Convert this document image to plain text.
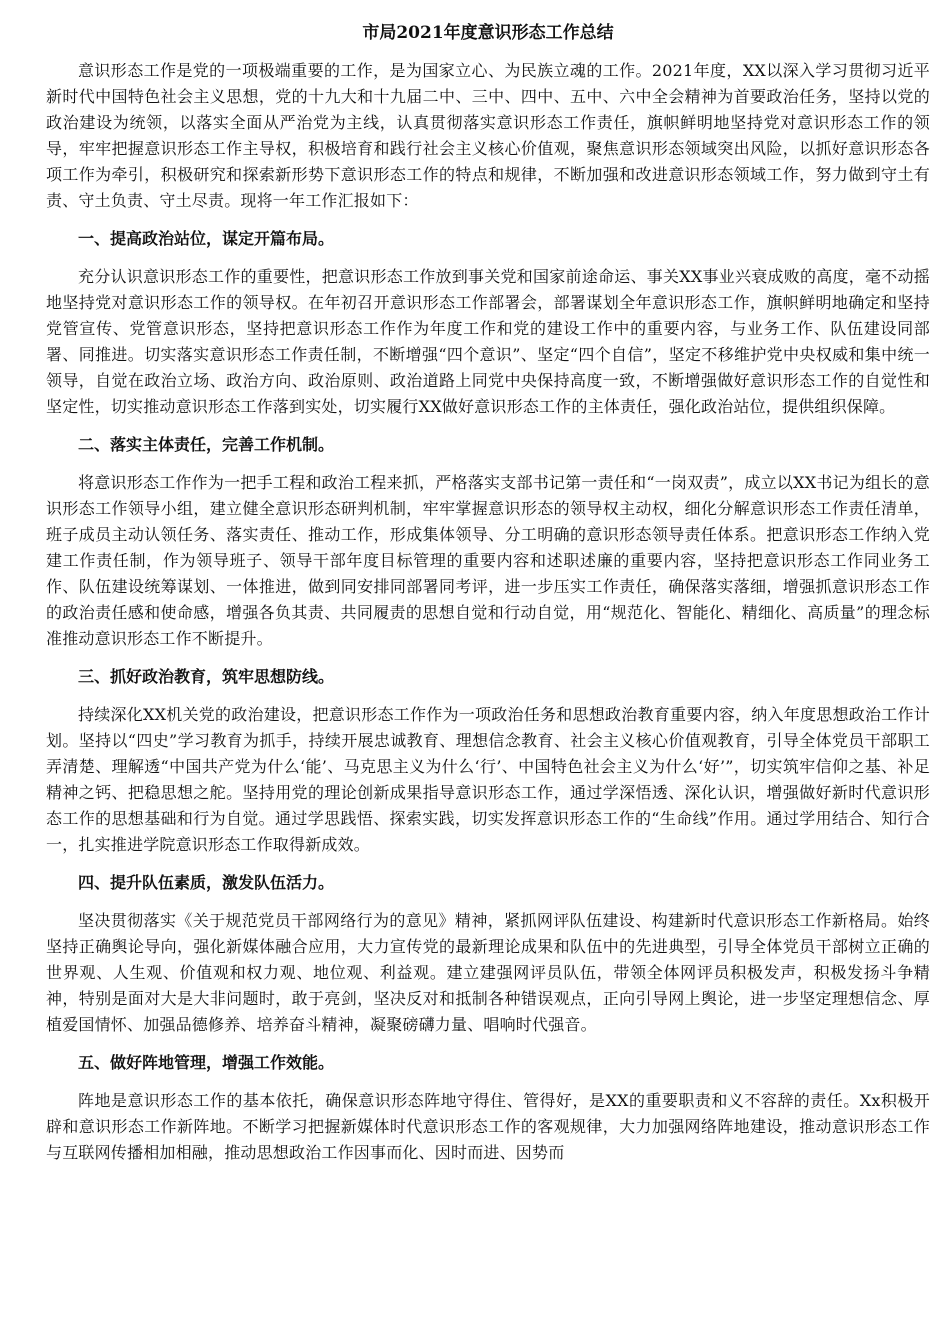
市局2021年度意识形态工作总结

意识形态工作是党的一项极端重要的工作，是为国家立心、为民族立魂的工作。2021年度，XX以深入学习贯彻习近平新时代中国特色社会主义思想，党的十九大和十九届二中、三中、四中、五中、六中全会精神为首要政治任务，坚持以党的政治建设为统领，以落实全面从严治党为主线，认真贯彻落实意识形态工作责任，旗帜鲜明地坚持党对意识形态工作的领导，牢牢把握意识形态工作主导权，积极培育和践行社会主义核心价值观，聚焦意识形态领域突出风险，以抓好意识形态各项工作为牵引，积极研究和探索新形势下意识形态工作的特点和规律，不断加强和改进意识形态领域工作，努力做到守土有责、守土负责、守土尽责。现将一年工作汇报如下：

一、提高政治站位，谋定开篇布局。

充分认识意识形态工作的重要性，把意识形态工作放到事关党和国家前途命运、事关XX事业兴衰成败的高度，毫不动摇地坚持党对意识形态工作的领导权。在年初召开意识形态工作部署会，部署谋划全年意识形态工作，旗帜鲜明地确定和坚持党管宣传、党管意识形态，坚持把意识形态工作作为年度工作和党的建设工作中的重要内容，与业务工作、队伍建设同部署、同推进。切实落实意识形态工作责任制，不断增强“四个意识”、坚定“四个自信”，坚定不移维护党中央权威和集中统一领导，自觉在政治立场、政治方向、政治原则、政治道路上同党中央保持高度一致，不断增强做好意识形态工作的自觉性和坚定性，切实推动意识形态工作落到实处，切实履行XX做好意识形态工作的主体责任，强化政治站位，提供组织保障。

二、落实主体责任，完善工作机制。

将意识形态工作作为一把手工程和政治工程来抓，严格落实支部书记第一责任和“一岗双责”，成立以XX书记为组长的意识形态工作领导小组，建立健全意识形态研判机制，牢牢掌握意识形态的领导权主动权，细化分解意识形态工作责任清单，班子成员主动认领任务、落实责任、推动工作，形成集体领导、分工明确的意识形态领导责任体系。把意识形态工作纳入党建工作责任制，作为领导班子、领导干部年度目标管理的重要内容和述职述廉的重要内容，坚持把意识形态工作同业务工作、队伍建设统筹谋划、一体推进，做到同安排同部署同考评，进一步压实工作责任，确保落实落细，增强抓意识形态工作的政治责任感和使命感，增强各负其责、共同履责的思想自觉和行动自觉，用“规范化、智能化、精细化、高质量”的理念标准推动意识形态工作不断提升。

三、抓好政治教育，筑牢思想防线。

持续深化XX机关党的政治建设，把意识形态工作作为一项政治任务和思想政治教育重要内容，纳入年度思想政治工作计划。坚持以“四史”学习教育为抓手，持续开展忠诚教育、理想信念教育、社会主义核心价值观教育，引导全体党员干部职工弄清楚、理解透“中国共产党为什么‘能’、马克思主义为什么‘行’、中国特色社会主义为什么‘好’”，切实筑牢信仰之基、补足精神之钙、把稳思想之舵。坚持用党的理论创新成果指导意识形态工作，通过学深悟透、深化认识，增强做好新时代意识形态工作的思想基础和行为自觉。通过学思践悟、探索实践，切实发挥意识形态工作的“生命线”作用。通过学用结合、知行合一，扎实推进学院意识形态工作取得新成效。

四、提升队伍素质，激发队伍活力。

坚决贯彻落实《关于规范党员干部网络行为的意见》精神，紧抓网评队伍建设、构建新时代意识形态工作新格局。始终坚持正确舆论导向，强化新媒体融合应用，大力宣传党的最新理论成果和队伍中的先进典型，引导全体党员干部树立正确的世界观、人生观、价值观和权力观、地位观、利益观。建立建强网评员队伍，带领全体网评员积极发声，积极发扬斗争精神，特别是面对大是大非问题时，敢于亮剑，坚决反对和抵制各种错误观点，正向引导网上舆论，进一步坚定理想信念、厚植爱国情怀、加强品德修养、培养奋斗精神，凝聚磅礴力量、唱响时代强音。

五、做好阵地管理，增强工作效能。

阵地是意识形态工作的基本依托，确保意识形态阵地守得住、管得好，是XX的重要职责和义不容辞的责任。Xx积极开辟和意识形态工作新阵地。不断学习把握新媒体时代意识形态工作的客观规律，大力加强网络阵地建设，推动意识形态工作与互联网传播相加相融，推动思想政治工作因事而化、因时而进、因势而
